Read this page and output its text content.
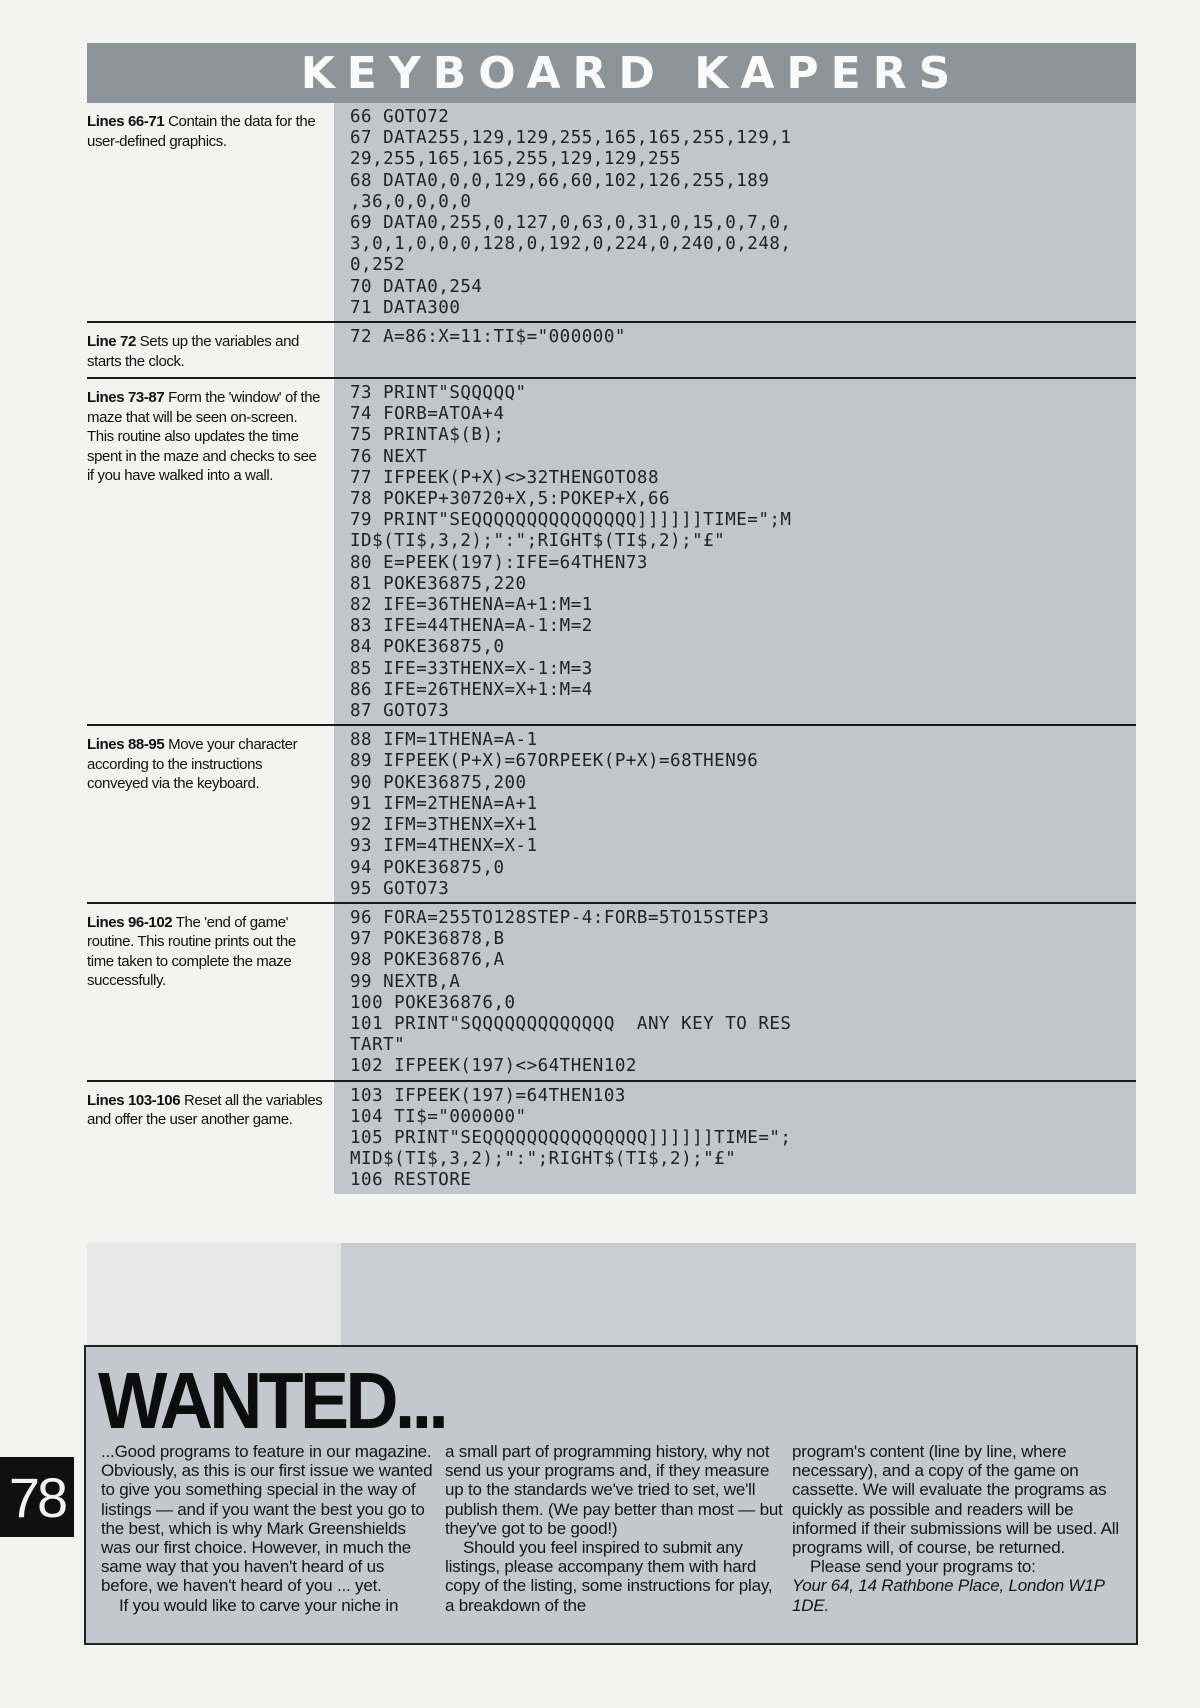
KEYBOARD KAPERS
Lines 66-71 Contain the data for the user-defined graphics.
66 GOTO72
67 DATA255,129,129,255,165,165,255,129,1
29,255,165,165,255,129,129,255
68 DATA0,0,0,129,66,60,102,126,255,189
,36,0,0,0,0
69 DATA0,255,0,127,0,63,0,31,0,15,0,7,0,
3,0,1,0,0,0,128,0,192,0,224,0,240,0,248,
0,252
70 DATA0,254
71 DATA300
Line 72 Sets up the variables and starts the clock.
72 A=86:X=11:TI$="000000"
Lines 73-87 Form the 'window' of the maze that will be seen on-screen. This routine also updates the time spent in the maze and checks to see if you have walked into a wall.
73 PRINT"SQQQQQ"
74 FORB=ATOA+4
75 PRINTA$(B);
76 NEXT
77 IFPEEK(P+X)<>32THENGOTO88
78 POKEP+30720+X,5:POKEP+X,66
79 PRINT"SEQQQQQQQQQQQQQQQ]]]]]]TIME=";M
ID$(TI$,3,2);":";RIGHT$(TI$,2);"£"
80 E=PEEK(197):IFE=64THEN73
81 POKE36875,220
82 IFE=36THENA=A+1:M=1
83 IFE=44THENA=A-1:M=2
84 POKE36875,0
85 IFE=33THENX=X-1:M=3
86 IFE=26THENX=X+1:M=4
87 GOTO73
Lines 88-95 Move your character according to the instructions conveyed via the keyboard.
88 IFM=1THENA=A-1
89 IFPEEK(P+X)=67ORPEEK(P+X)=68THEN96
90 POKE36875,200
91 IFM=2THENA=A+1
92 IFM=3THENX=X+1
93 IFM=4THENX=X-1
94 POKE36875,0
95 GOTO73
Lines 96-102 The 'end of game' routine. This routine prints out the time taken to complete the maze successfully.
96 FORA=255TO128STEP-4:FORB=5TO15STEP3
97 POKE36878,B
98 POKE36876,A
99 NEXTB,A
100 POKE36876,0
101 PRINT"SQQQQQQQQQQQQQ  ANY KEY TO RES
TART"
102 IFPEEK(197)<>64THEN102
Lines 103-106 Reset all the variables and offer the user another game.
103 IFPEEK(197)=64THEN103
104 TI$="000000"
105 PRINT"SEQQQQQQQQQQQQQQQ]]]]]]TIME=";
MID$(TI$,3,2);":";RIGHT$(TI$,2);"£"
106 RESTORE
WANTED...

...Good programs to feature in our magazine. Obviously, as this is our first issue we wanted to give you something special in the way of listings — and if you want the best you go to the best, which is why Mark Greenshields was our first choice. However, in much the same way that you haven't heard of us before, we haven't heard of you ... yet.

If you would like to carve your niche in

a small part of programming history, why not send us your programs and, if they measure up to the standards we've tried to set, we'll publish them. (We pay better than most — but they've got to be good!)

Should you feel inspired to submit any listings, please accompany them with hard copy of the listing, some instructions for play, a breakdown of the

program's content (line by line, where necessary), and a copy of the game on cassette. We will evaluate the programs as quickly as possible and readers will be informed if their submissions will be used. All programs will, of course, be returned.

Please send your programs to:

Your 64, 14 Rathbone Place, London W1P 1DE.

78
